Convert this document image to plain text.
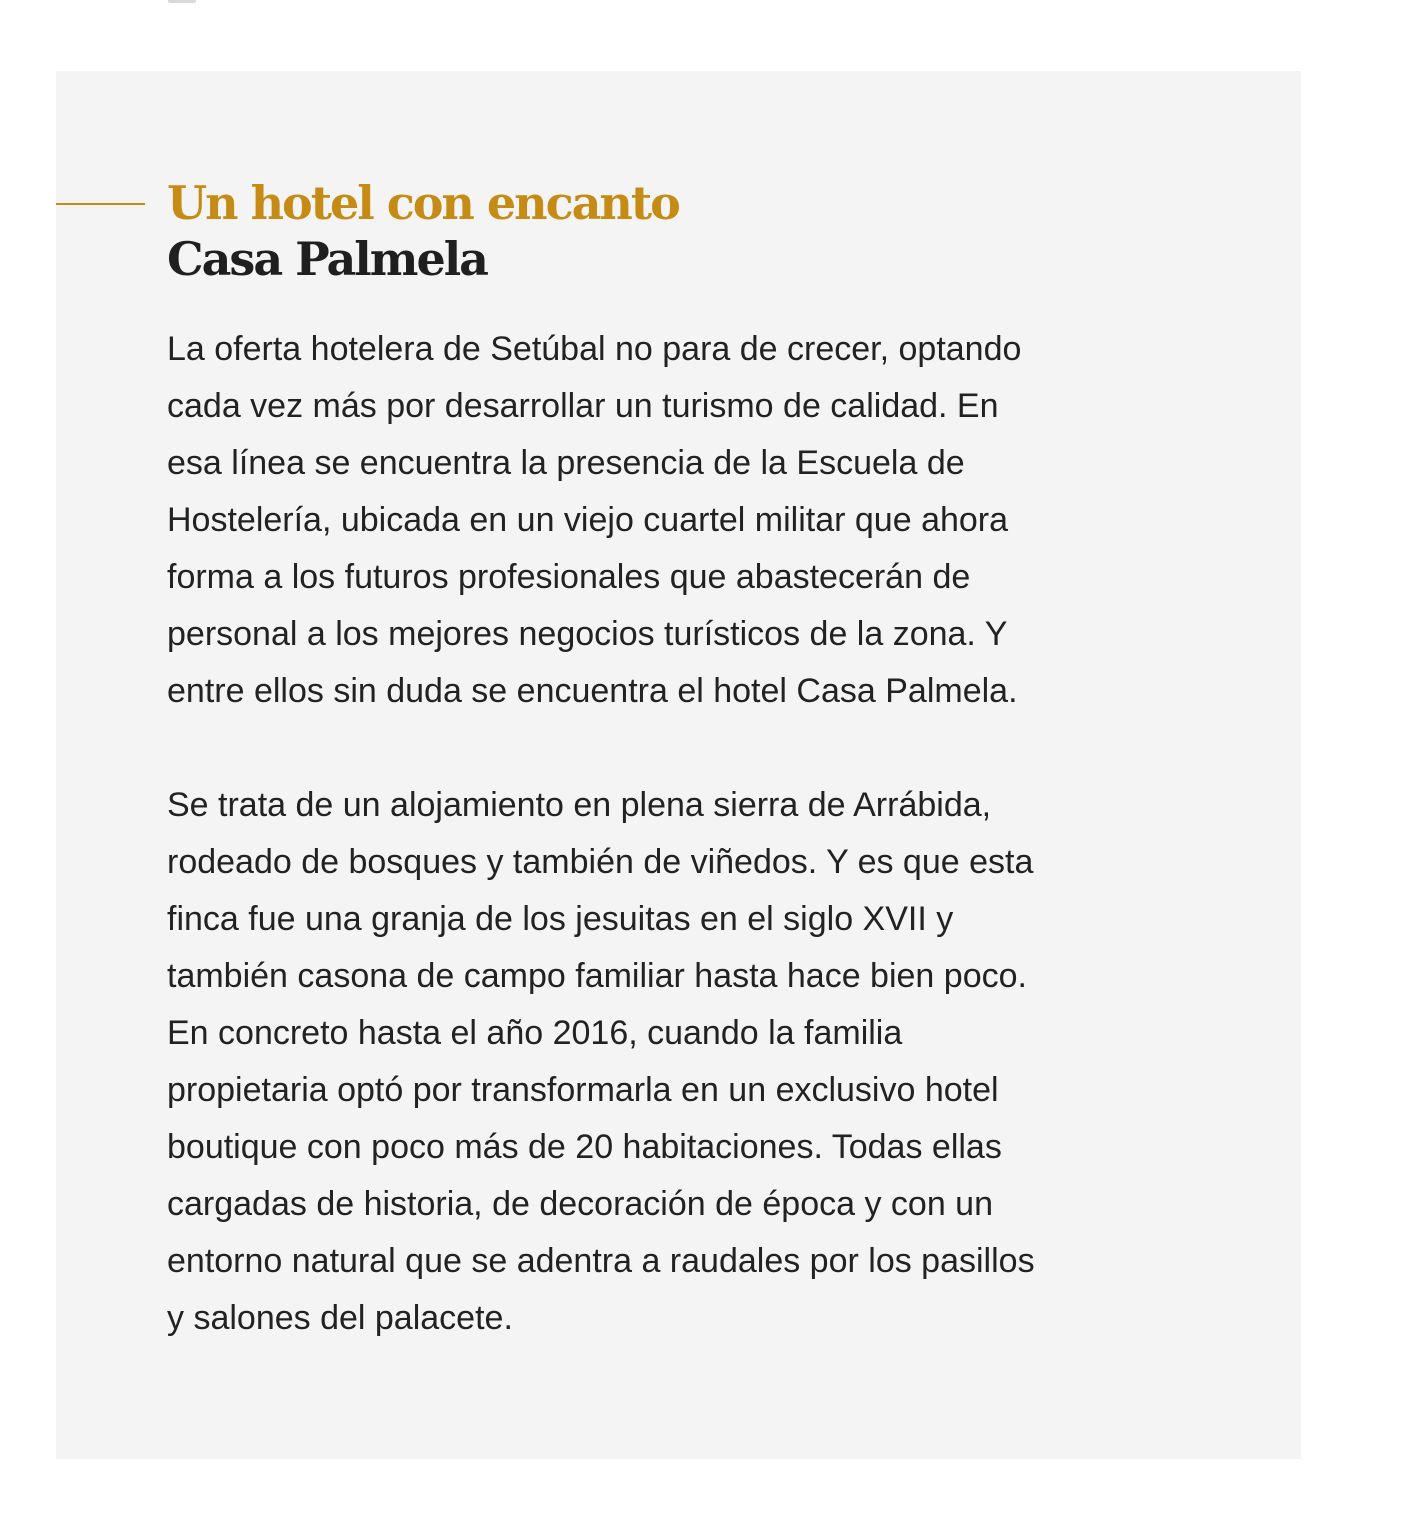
Un hotel con encanto
Casa Palmela

La oferta hotelera de Setúbal no para de crecer, optando
cada vez más por desarrollar un turismo de calidad. En
esa línea se encuentra la presencia de la Escuela de
Hostelería, ubicada en un viejo cuartel militar que ahora
forma a los futuros profesionales que abastecerán de
personal a los mejores negocios turísticos de la zona. Y
entre ellos sin duda se encuentra el hotel Casa Palmela.

Se trata de un alojamiento en plena sierra de Arrábida,
rodeado de bosques y también de viñedos. Y es que esta
finca fue una granja de los jesuitas en el siglo XVII y
también casona de campo familiar hasta hace bien poco.
En concreto hasta el año 2016, cuando la familia
propietaria optó por transformarla en un exclusivo hotel
boutique con poco más de 20 habitaciones. Todas ellas
cargadas de historia, de decoración de época y con un
entorno natural que se adentra a raudales por los pasillos
y salones del palacete.
